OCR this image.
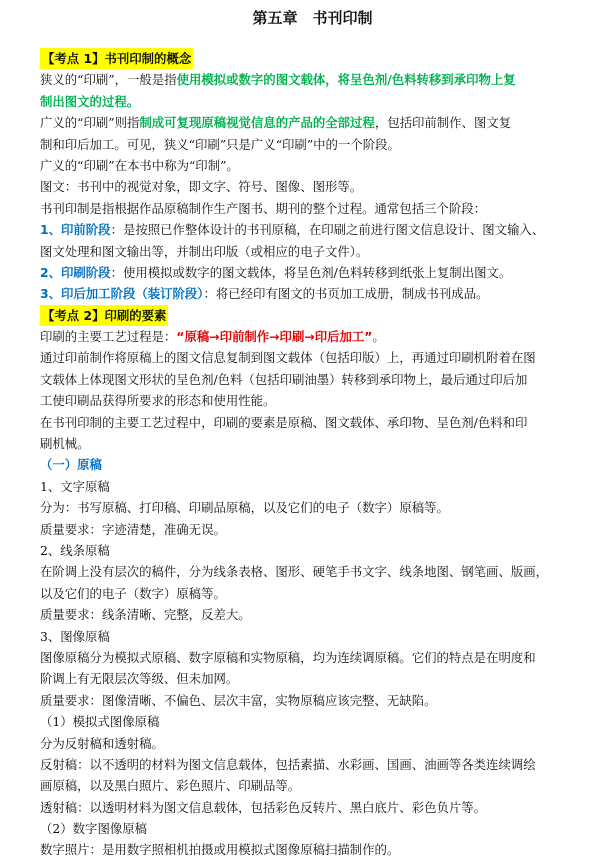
第五章　书刊印制
【考点 1】书刊印制的概念
狭义的“印刷”，一般是指使用模拟或数字的图文载体，将呈色剂/色料转移到承印物上复
制出图文的过程。
广义的“印刷”则指制成可复现原稿视觉信息的产品的全部过程，包括印前制作、图文复
制和印后加工。可见，狭义“印刷”只是广义“印刷”中的一个阶段。
广义的“印刷”在本书中称为“印制”。
图文：书刊中的视觉对象，即文字、符号、图像、图形等。
书刊印制是指根据作品原稿制作生产图书、期刊的整个过程。通常包括三个阶段：
1、印前阶段：是按照已作整体设计的书刊原稿，在印刷之前进行图文信息设计、图文输入、
图文处理和图文输出等，并制出印版（或相应的电子文件）。
2、印刷阶段：使用模拟或数字的图文载体，将呈色剂/色料转移到纸张上复制出图文。
3、印后加工阶段（装订阶段）：将已经印有图文的书页加工成册，制成书刊成品。
【考点 2】印刷的要素
印刷的主要工艺过程是：“原稿→印前制作→印刷→印后加工”。
通过印前制作将原稿上的图文信息复制到图文载体（包括印版）上，再通过印刷机附着在图
文载体上体现图文形状的呈色剂/色料（包括印刷油墨）转移到承印物上，最后通过印后加
工使印刷品获得所要求的形态和使用性能。
在书刊印制的主要工艺过程中，印刷的要素是原稿、图文载体、承印物、呈色剂/色料和印
刷机械。
（一）原稿
1、文字原稿
分为：书写原稿、打印稿、印刷品原稿，以及它们的电子（数字）原稿等。
质量要求：字迹清楚，准确无误。
2、线条原稿
在阶调上没有层次的稿件，分为线条表格、图形、硬笔手书文字、线条地图、钢笔画、版画，
以及它们的电子（数字）原稿等。
质量要求：线条清晰、完整，反差大。
3、图像原稿
图像原稿分为模拟式原稿、数字原稿和实物原稿，均为连续调原稿。它们的特点是在明度和
阶调上有无限层次等级、但未加网。
质量要求：图像清晰、不偏色、层次丰富，实物原稿应该完整、无缺陷。
（1）模拟式图像原稿
分为反射稿和透射稿。
反射稿：以不透明的材料为图文信息载体，包括素描、水彩画、国画、油画等各类连续调绘
画原稿，以及黑白照片、彩色照片、印刷品等。
透射稿：以透明材料为图文信息载体，包括彩色反转片、黑白底片、彩色负片等。
（2）数字图像原稿
数字照片：是用数字照相机拍摄或用模拟式图像原稿扫描制作的。
